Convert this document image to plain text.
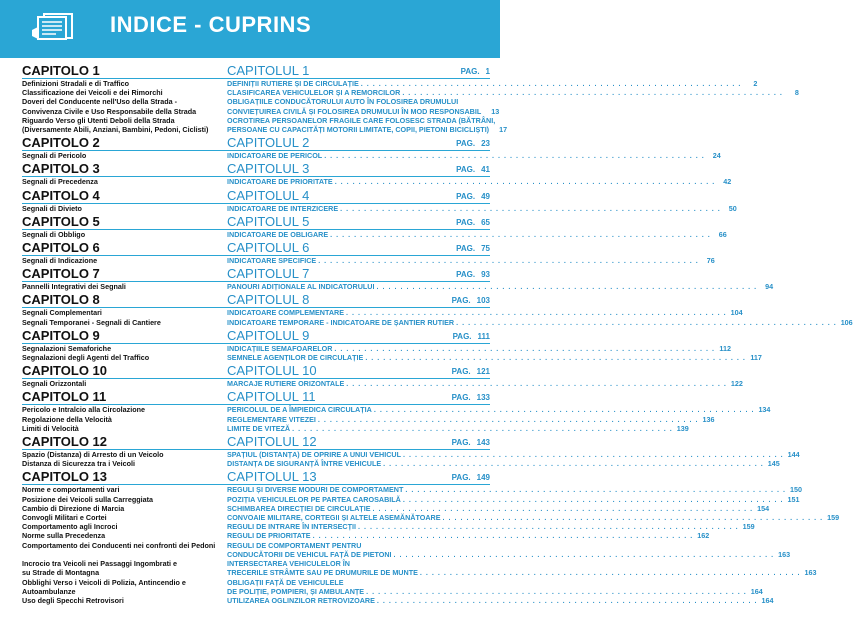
INDICE - CUPRINS
CAPITOLO 1	CAPITOLUL 1	PAG. 1
Definizioni Stradali e di Traffico	DEFINIȚII RUTIERE ȘI DE CIRCULAȚIE . . .	2
Classificazione dei Veicoli e dei Rimorchi	CLASIFICAREA VEHICULELOR ȘI A REMORCILOR . . .	8
Doveri del Conducente nell'Uso della Strada -	OBLIGAȚIILE CONDUCĂTORULUI AUTO ÎN FOLOSIREA DRUMULUI
Convivenza Civile e Uso Responsabile della Strada	CONVIEȚUIREA CIVILĂ ȘI FOLOSIREA DRUMULUI ÎN MOD RESPONSABIL	13
Riguardo Verso gli Utenti Deboli della Strada	OCROTIREA PERSOANELOR FRAGILE CARE FOLOSESC STRADA (BĂTRÂNI,
(Diversamente Abili, Anziani, Bambini, Pedoni, Ciclisti)	PERSOANE CU CAPACITĂȚI MOTORII LIMITATE, COPII, PIETONI BICICLIȘTI)	17
CAPITOLO 2	CAPITOLUL 2	PAG. 23
Segnali di Pericolo	INDICATOARE DE PERICOL . . .	24
CAPITOLO 3	CAPITOLUL 3	PAG. 41
Segnali di Precedenza	INDICATOARE DE PRIORITATE . . .	42
CAPITOLO 4	CAPITOLUL 4	PAG. 49
Segnali di Divieto	INDICATOARE DE INTERZICERE . . .	50
CAPITOLO 5	CAPITOLUL 5	PAG. 65
Segnali di Obbligo	INDICATOARE DE OBLIGARE . . .	66
CAPITOLO 6	CAPITOLUL 6	PAG. 75
Segnali di Indicazione	INDICATOARE SPECIFICE . . .	76
CAPITOLO 7	CAPITOLUL 7	PAG. 93
Pannelli Integrativi dei Segnali	PANOURI ADIȚIONALE AL INDICATORULUI . . .	94
CAPITOLO 8	CAPITOLUL 8	PAG. 103
Segnali Complementari	INDICATOARE COMPLEMENTARE . . .	104
Segnali Temporanei - Segnali di Cantiere	INDICATOARE TEMPORARE - INDICATOARE DE ȘANTIER RUTIER . . .	106
CAPITOLO 9	CAPITOLUL 9	PAG. 111
Segnalazioni Semaforiche	INDICAȚIILE SEMAFOARELOR . . .	112
Segnalazioni degli Agenti del Traffico	SEMNELE AGENȚILOR DE CIRCULAȚIE . . .	117
CAPITOLO 10	CAPITOLUL 10	PAG. 121
Segnali Orizzontali	MARCAJE RUTIERE ORIZONTALE . . .	122
CAPITOLO 11	CAPITOLUL 11	PAG. 133
Pericolo e Intralcio alla Circolazione	PERICOLUL DE A ÎMPIEDICA CIRCULAȚIA . . .	134
Regolazione della Velocità	REGLEMENTARE VITEZEI . . .	136
Limiti di Velocità	LIMITE DE VITEZĂ . . .	139
CAPITOLO 12	CAPITOLUL 12	PAG. 143
Spazio (Distanza) di Arresto di un Veicolo	SPAȚIUL (DISTANȚA) DE OPRIRE A UNUI VEHICUL . . .	144
Distanza di Sicurezza tra i Veicoli	DISTANȚA DE SIGURANȚĂ ÎNTRE VEHICULE . . .	145
CAPITOLO 13	CAPITOLUL 13	PAG. 149
Norme e comportamenti vari	REGULI ȘI DIVERSE MODURI DE COMPORTAMENT . . .	150
Posizione dei Veicoli sulla Carreggiata	POZIȚIA VEHICULELOR PE PARTEA CAROSABILĂ . . .	151
Cambio di Direzione di Marcia	SCHIMBAREA DIRECȚIEI DE CIRCULAȚIE . . .	154
Convogli Militari e Cortei	CONVOAIE MILITARE, CORTEGII ȘI ALTELE ASEMĂNĂTOARE . . .	159
Comportamento agli Incroci	REGULI DE INTRARE ÎN INTERSECȚII . . .	159
Norme sulla Precedenza	REGULI DE PRIORITATE . . .	162
Comportamento dei Conducenti nei confronti dei Pedoni	REGULI DE COMPORTAMENT PENTRU
CONDUCĂTORII DE VEHICUL FAȚĂ DE PIETONI . . .	163
Incrocio tra Veicoli nei Passaggi Ingombrati e	INTERSECTAREA VEHICULELOR ÎN
su Strade di Montagna	TRECERILE STRÂMTE SAU PE DRUMURILE DE MUNTE . . .	163
Obblighi Verso i Veicoli di Polizia, Antincendio e	OBLIGAȚII FAȚĂ DE VEHICULELE
Autoambulanze	DE POLIȚIE, POMPIERI, ȘI AMBULANȚE . . .	164
Uso degli Specchi Retrovisori	UTILIZAREA OGLINZILOR RETROVIZOARE . . .	164
